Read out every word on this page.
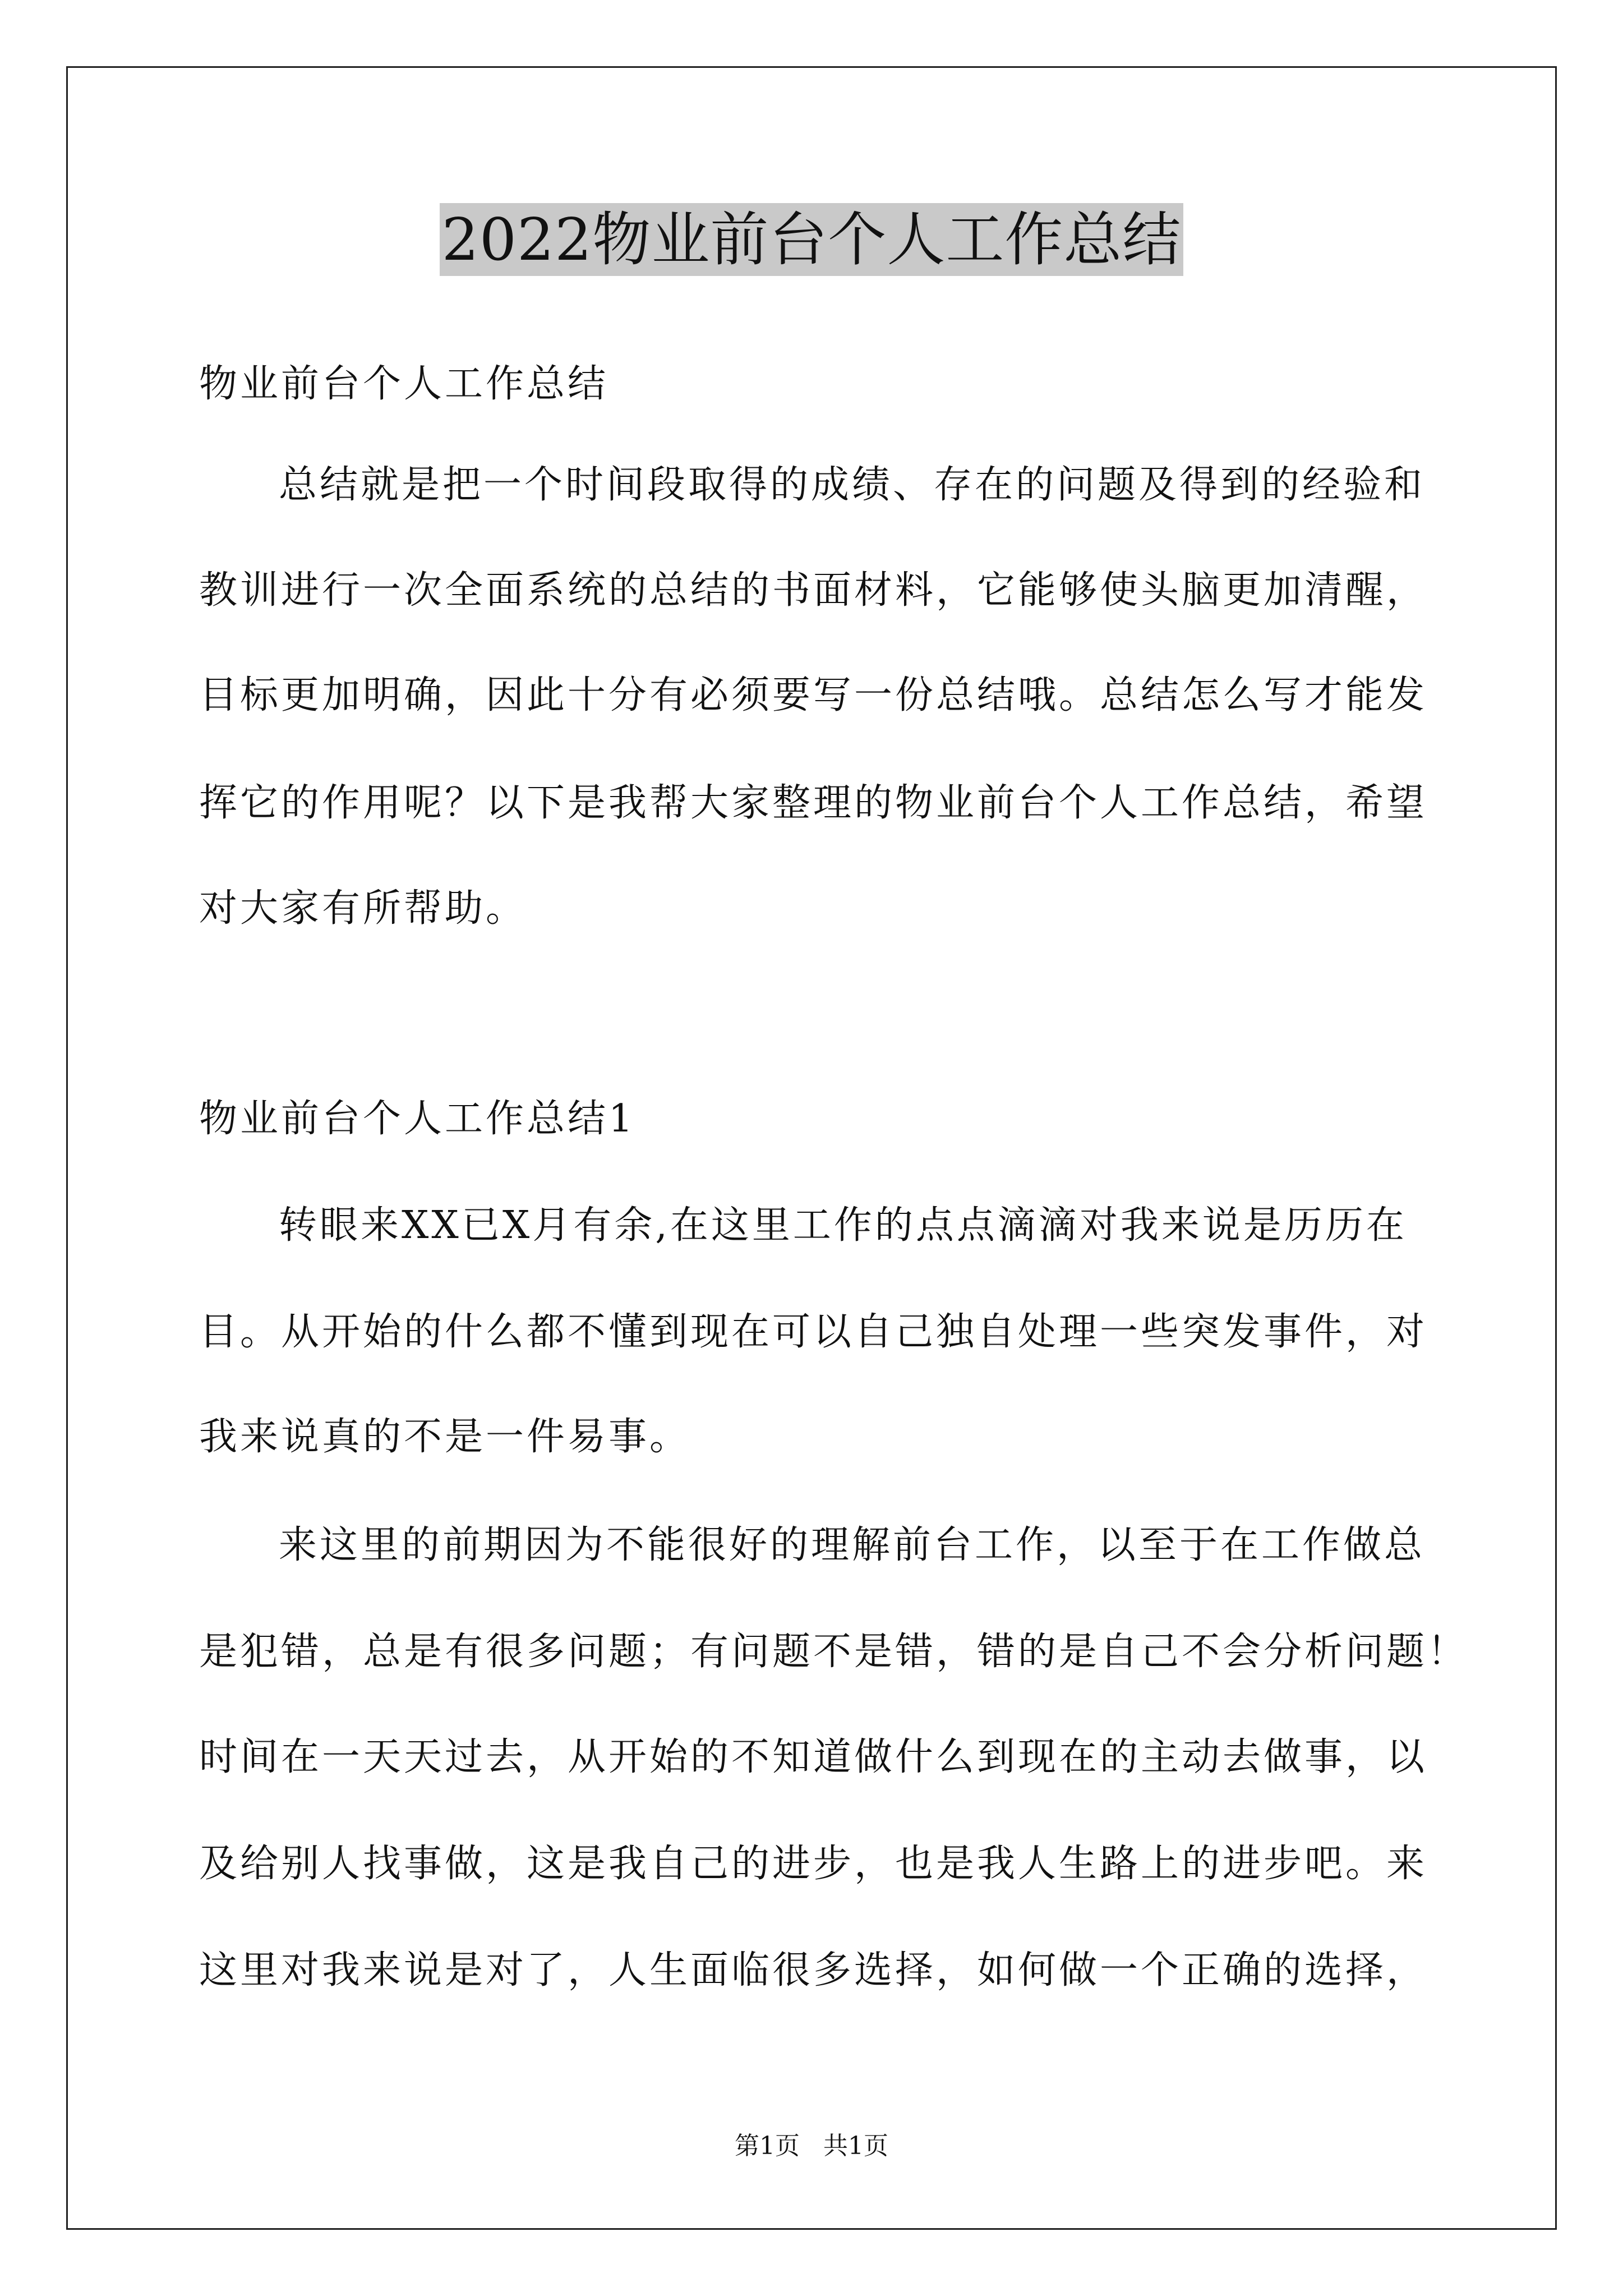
2022物业前台个人工作总结
物业前台个人工作总结
总结就是把一个时间段取得的成绩、存在的问题及得到的经验和
教训进行一次全面系统的总结的书面材料，它能够使头脑更加清醒，
目标更加明确，因此十分有必须要写一份总结哦。总结怎么写才能发
挥它的作用呢？以下是我帮大家整理的物业前台个人工作总结，希望
对大家有所帮助。
物业前台个人工作总结1
转眼来XX已X月有余,在这里工作的点点滴滴对我来说是历历在
目。从开始的什么都不懂到现在可以自己独自处理一些突发事件，对
我来说真的不是一件易事。
来这里的前期因为不能很好的理解前台工作，以至于在工作做总
是犯错，总是有很多问题；有问题不是错，错的是自己不会分析问题！
时间在一天天过去，从开始的不知道做什么到现在的主动去做事，以
及给别人找事做，这是我自己的进步，也是我人生路上的进步吧。来
这里对我来说是对了，人生面临很多选择，如何做一个正确的选择，
第1页   共1页
